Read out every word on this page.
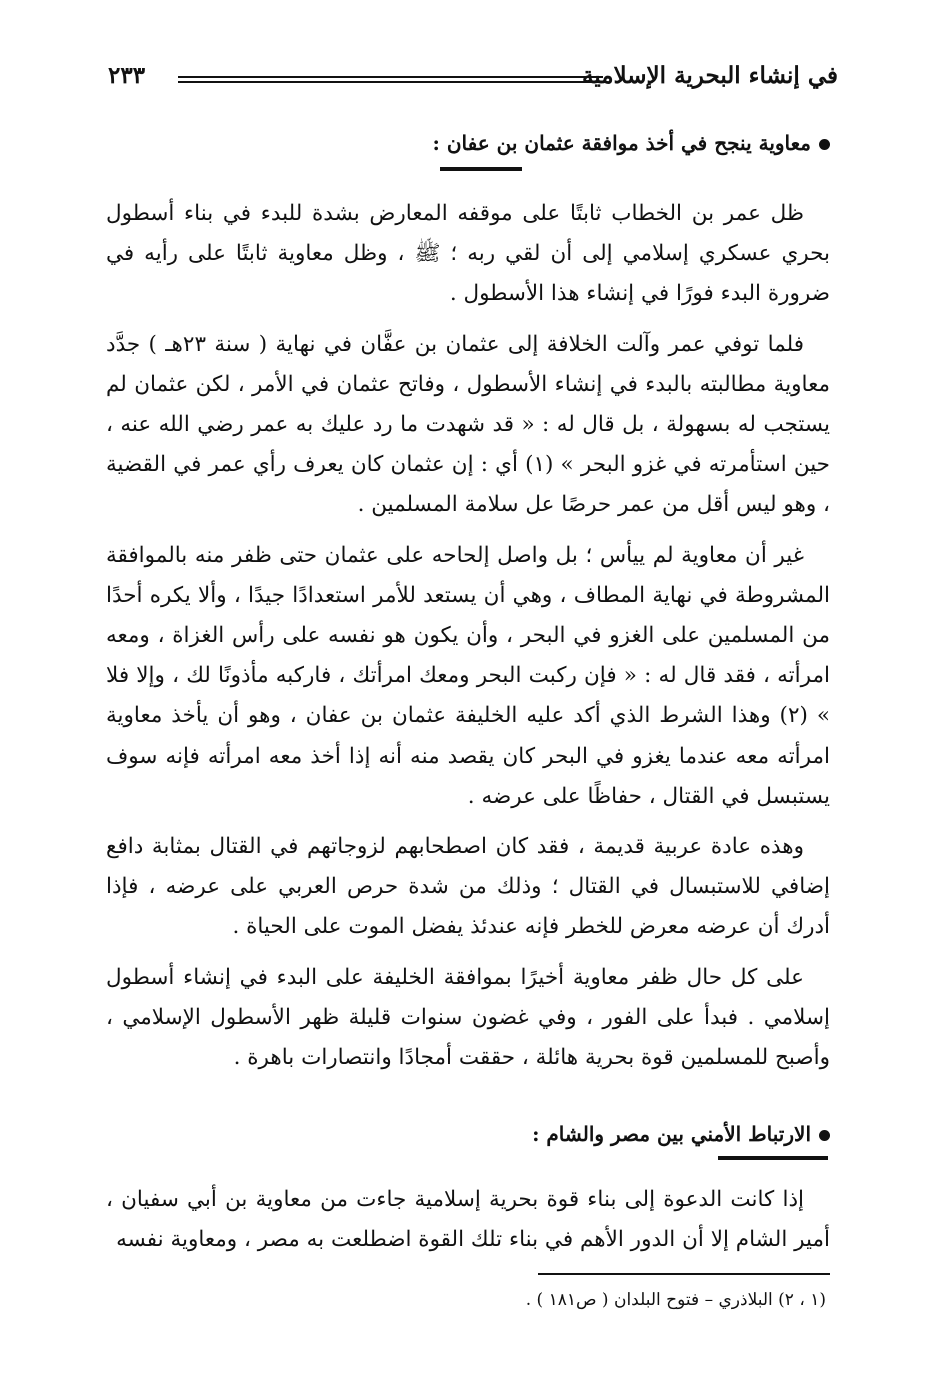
في إنشاء البحرية الإسلامية
٢٣٣
معاوية ينجح في أخذ موافقة عثمان بن عفان :

ظل عمر بن الخطاب ثابتًا على موقفه المعارض بشدة للبدء في بناء أسطول بحري عسكري إسلامي إلى أن لقي ربه ؛ ﷺ ، وظل معاوية ثابتًا على رأيه في ضرورة البدء فورًا في إنشاء هذا الأسطول .

فلما توفي عمر وآلت الخلافة إلى عثمان بن عفَّان في نهاية ( سنة ٢٣هـ ) جدَّد معاوية مطالبته بالبدء في إنشاء الأسطول ، وفاتح عثمان في الأمر ، لكن عثمان لم يستجب له بسهولة ، بل قال له : « قد شهدت ما رد عليك به عمر رضي الله عنه ، حين استأمرته في غزو البحر » (١) أي : إن عثمان كان يعرف رأي عمر في القضية ، وهو ليس أقل من عمر حرصًا عل سلامة المسلمين .

غير أن معاوية لم ييأس ؛ بل واصل إلحاحه على عثمان حتى ظفر منه بالموافقة المشروطة في نهاية المطاف ، وهي أن يستعد للأمر استعدادًا جيدًا ، وألا يكره أحدًا من المسلمين على الغزو في البحر ، وأن يكون هو نفسه على رأس الغزاة ، ومعه امرأته ، فقد قال له : « فإن ركبت البحر ومعك امرأتك ، فاركبه مأذونًا لك ، وإلا فلا » (٢) وهذا الشرط الذي أكد عليه الخليفة عثمان بن عفان ، وهو أن يأخذ معاوية امرأته معه عندما يغزو في البحر كان يقصد منه أنه إذا أخذ معه امرأته فإنه سوف يستبسل في القتال ، حفاظًا على عرضه .

وهذه عادة عربية قديمة ، فقد كان اصطحابهم لزوجاتهم في القتال بمثابة دافع إضافي للاستبسال في القتال ؛ وذلك من شدة حرص العربي على عرضه ، فإذا أدرك أن عرضه معرض للخطر فإنه عندئذ يفضل الموت على الحياة .

على كل حال ظفر معاوية أخيرًا بموافقة الخليفة على البدء في إنشاء أسطول إسلامي . فبدأ على الفور ، وفي غضون سنوات قليلة ظهر الأسطول الإسلامي ، وأصبح للمسلمين قوة بحرية هائلة ، حققت أمجادًا وانتصارات باهرة .

الارتباط الأمني بين مصر والشام :

إذا كانت الدعوة إلى بناء قوة بحرية إسلامية جاءت من معاوية بن أبي سفيان ، أمير الشام إلا أن الدور الأهم في بناء تلك القوة اضطلعت به مصر ، ومعاوية نفسه

(١ ، ٢) البلاذري – فتوح البلدان ( ص١٨١ ) .
